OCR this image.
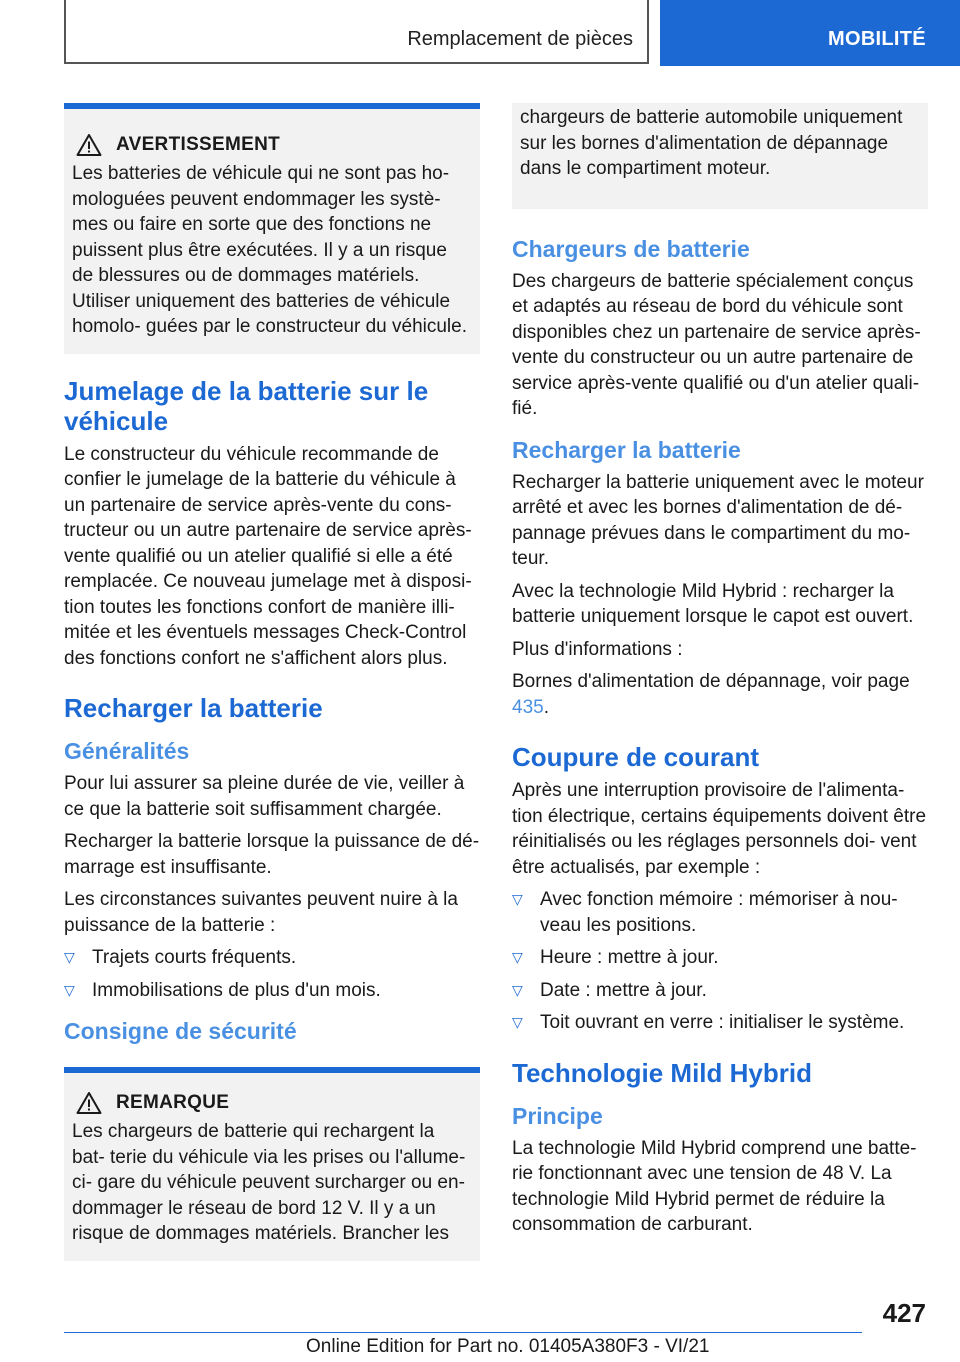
Remplacement de pièces	MOBILITÉ
AVERTISSEMENT

Les batteries de véhicule qui ne sont pas ho- mologuées peuvent endommager les systè- mes ou faire en sorte que des fonctions ne puissent plus être exécutées. Il y a un risque de blessures ou de dommages matériels. Utiliser uniquement des batteries de véhicule homolo- guées par le constructeur du véhicule.

Jumelage de la batterie sur le véhicule

Le constructeur du véhicule recommande de confier le jumelage de la batterie du véhicule à un partenaire de service après-vente du cons- tructeur ou un autre partenaire de service après- vente qualifié ou un atelier qualifié si elle a été remplacée. Ce nouveau jumelage met à disposi- tion toutes les fonctions confort de manière illi- mitée et les éventuels messages Check-Control des fonctions confort ne s'affichent alors plus.

Recharger la batterie
Généralités

Pour lui assurer sa pleine durée de vie, veiller à ce que la batterie soit suffisamment chargée.

Recharger la batterie lorsque la puissance de dé- marrage est insuffisante.

Les circonstances suivantes peuvent nuire à la puissance de la batterie :

▽ Trajets courts fréquents.
▽ Immobilisations de plus d'un mois.
Consigne de sécurité
REMARQUE

Les chargeurs de batterie qui rechargent la bat- terie du véhicule via les prises ou l'allume-ci- gare du véhicule peuvent surcharger ou en- dommager le réseau de bord 12 V. Il y a un risque de dommages matériels. Brancher les

chargeurs de batterie automobile uniquement sur les bornes d'alimentation de dépannage dans le compartiment moteur.

Chargeurs de batterie

Des chargeurs de batterie spécialement conçus et adaptés au réseau de bord du véhicule sont disponibles chez un partenaire de service après- vente du constructeur ou un autre partenaire de service après-vente qualifié ou d'un atelier quali- fié.

Recharger la batterie

Recharger la batterie uniquement avec le moteur arrêté et avec les bornes d'alimentation de dé- pannage prévues dans le compartiment du mo- teur.

Avec la technologie Mild Hybrid : recharger la batterie uniquement lorsque le capot est ouvert.

Plus d'informations :

Bornes d'alimentation de dépannage, voir page 435.

Coupure de courant

Après une interruption provisoire de l'alimenta- tion électrique, certains équipements doivent être réinitialisés ou les réglages personnels doi- vent être actualisés, par exemple :

▽ Avec fonction mémoire : mémoriser à nou- veau les positions.
▽ Heure : mettre à jour.
▽ Date : mettre à jour.
▽ Toit ouvrant en verre : initialiser le système.
Technologie Mild Hybrid
Principe

La technologie Mild Hybrid comprend une batte- rie fonctionnant avec une tension de 48 V. La technologie Mild Hybrid permet de réduire la consommation de carburant.

427
Online Edition for Part no. 01405A380F3 - VI/21
